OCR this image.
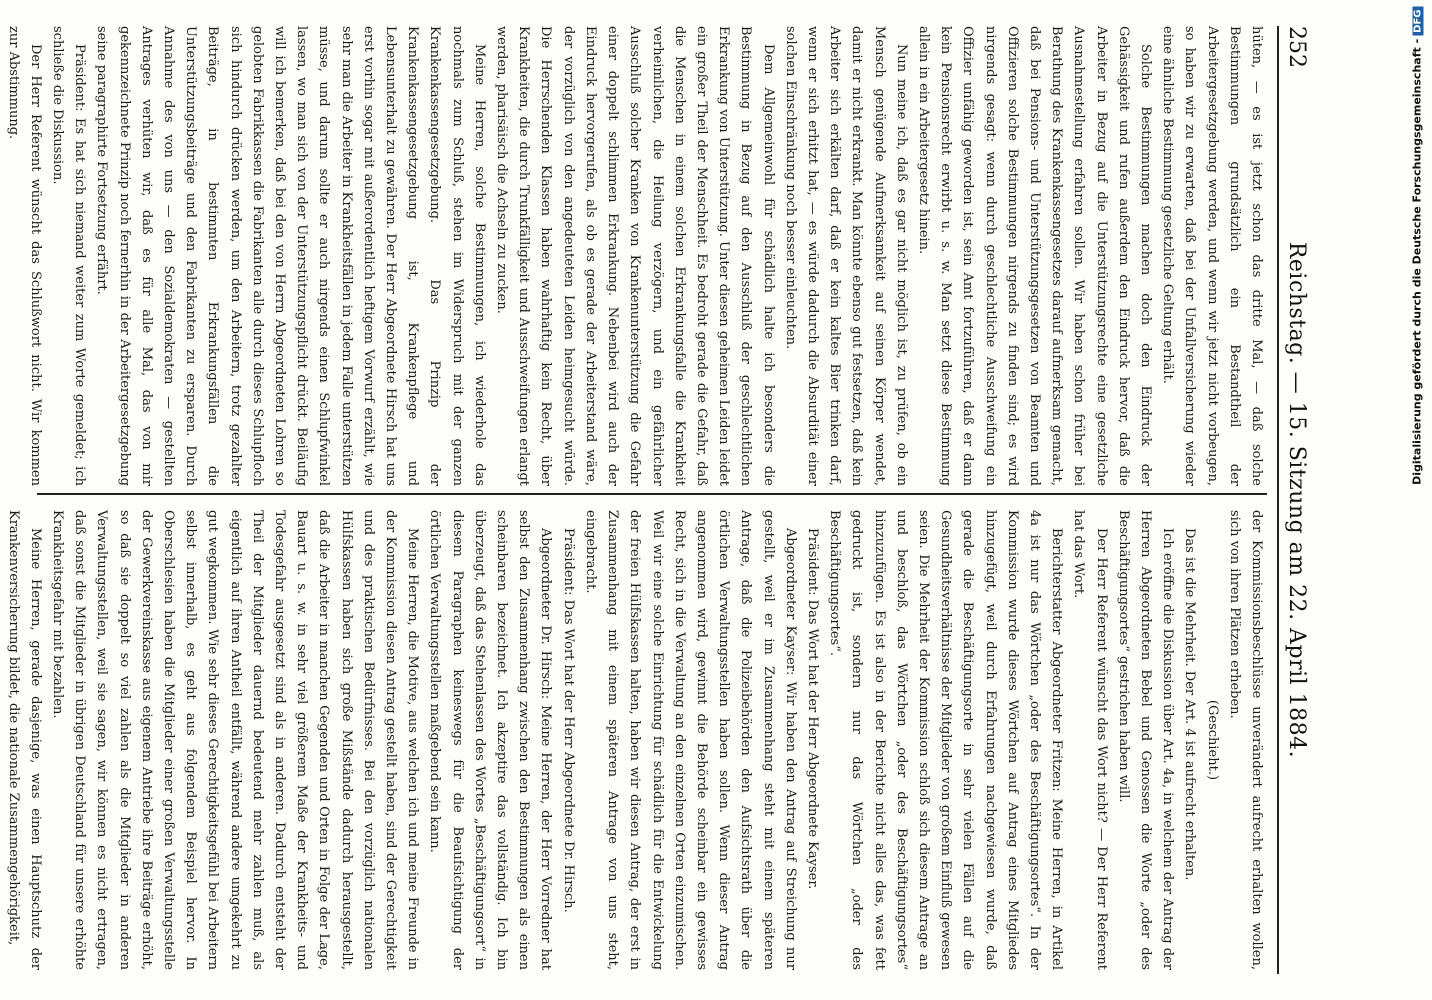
252
Reichstag. — 15. Sitzung am 22. April 1884.

hüten, — es ist jetzt schon das dritte Mal, — daß solche Bestimmungen grundsätzlich ein Bestandtheil der Arbeitergesetzgebung werden, und wenn wir jetzt nicht vorbeugen, so haben wir zu erwarten, daß bei der Unfallversicherung wieder eine ähnliche Bestimmung gesetzliche Geltung erhält.

Solche Bestimmungen machen doch den Eindruck der Gehässigkeit und rufen außerdem den Eindruck hervor, daß die Arbeiter in Bezug auf die Unterstützungsrechte eine gesetzliche Ausnahmestellung erfahren sollen. Wir haben schon früher bei Berathung des Krankenkassengesetzes darauf aufmerksam gemacht, daß bei Pensions- und Unterstützungsgesetzen von Beamten und Offizieren solche Bestimmungen nirgends zu finden sind; es wird nirgends gesagt: wenn durch geschlechtliche Ausschweifung ein Offizier unfähig geworden ist, sein Amt fortzuführen, daß er dann kein Pensionsrecht erwirbt u. s. w. Man setzt diese Bestimmung allein in ein Arbeitergesetz hinein.

Nun meine ich, daß es gar nicht möglich ist, zu prüfen, ob ein Mensch genügende Aufmerksamkeit auf seinen Körper wendet, damit er nicht erkrankt. Man könnte ebenso gut festsetzen, daß kein Arbeiter sich erkälten darf, daß er kein kaltes Bier trinken darf, wenn er sich erhitzt hat, — es würde dadurch die Absurdität einer solchen Einschränkung noch besser einleuchten.

Dem Allgemeinwohl für schädlich halte ich besonders die Bestimmung in Bezug auf den Ausschluß der geschlechtlichen Erkrankung von Unterstützung. Unter diesen geheimen Leiden leidet ein großer Theil der Menschheit. Es bedroht gerade die Gefahr, daß die Menschen in einem solchen Erkrankungsfalle die Krankheit verheimlichen, die Heilung verzögern, und ein gefährlicher Ausschluß solcher Kranken von Krankenunterstützung die Gefahr einer doppelt schlimmen Erkrankung. Nebenbei wird auch der Eindruck hervorgerufen, als ob es gerade der Arbeiterstand wäre, der vorzüglich von den angedeuteten Leiden heimgesucht würde. Die Herrschenden Klassen haben wahrhaftig kein Recht, über Krankheiten, die durch Trunkfälligkeit und Ausschweifungen erlangt werden, pharisäisch die Achseln zu zucken.

Meine Herren, solche Bestimmungen, ich wiederhole das nochmals zum Schluß, stehen im Widerspruch mit der ganzen Krankenkassengesetzgebung. Das Prinzip der Krankenkassengesetzgebung ist, Krankenpflege und Lebensunterhalt zu gewähren. Der Herr Abgeordnete Hirsch hat uns erst vorhin sogar mit außerordentlich heftigem Vorwurf erzählt, wie sehr man die Arbeiter in Krankheitsfällen in jedem Falle unterstützen müsse, und darum sollte er auch nirgends einen Schlupfwinkel lassen, wo man sich von der Unterstützungspflicht drückt. Beiläufig will ich bemerken, daß bei den von Herrn Abgeordneten Lohren so gelobten Fabrikkassen die Fabrikanten alle durch dieses Schlupfloch sich hindurch drücken werden, um den Arbeitern, trotz gezahlter Beiträge, in bestimmten Erkrankungsfällen die Unterstützungsbeiträge und den Fabrikanten zu ersparen. Durch Annahme des von uns — den Sozialdemokraten — gestellten Antrages verhüten wir, daß es für alle Mal, das von mir gekennzeichnete Prinzip noch fernerhin in der Arbeitergesetzgebung seine paragraphirte Fortsetzung erfährt.

Präsident: Es hat sich niemand weiter zum Worte gemeldet; ich schließe die Diskussion.

Der Herr Referent wünscht das Schlußwort nicht. Wir kommen zur Abstimmung.

der Kommissionsbeschlüsse unverändert aufrecht erhalten wollen, sich von ihren Plätzen erheben.

(Geschieht.)

Das ist die Mehrheit. Der Art. 4 ist aufrecht erhalten.

Ich eröffne die Diskussion über Art. 4a, in welchem der Antrag der Herren Abgeordneten Bebel und Genossen die Worte „oder des Beschäftigungsortes“ gestrichen haben will.

Der Herr Referent wünscht das Wort nicht? — Der Herr Referent hat das Wort.

Berichterstatter Abgeordneter Fritzen: Meine Herren, in Artikel 4a ist nur das Wörtchen „oder des Beschäftigungsortes“. In der Kommission wurde dieses Wörtchen auf Antrag eines Mitgliedes hinzugefügt, weil durch Erfahrungen nachgewiesen wurde, daß gerade die Beschäftigungsorte in sehr vielen Fällen auf die Gesundheitsverhältnisse der Mitglieder von großem Einfluß gewesen seien. Die Mehrheit der Kommission schloß sich diesem Antrage an und beschloß, das Wörtchen „oder des Beschäftigungsortes“ hinzuzufügen. Es ist also in der Berichte nicht alles das, was fett gedruckt ist, sondern nur das Wörtchen „oder des Beschäftigungsortes“.

Präsident: Das Wort hat der Herr Abgeordnete Kayser.

Abgeordneter Kayser: Wir haben den Antrag auf Streichung nur gestellt, weil er im Zusammenhang steht mit einem späteren Antrage, daß die Polizeibehörden den Aufsichtsrath über die örtlichen Verwaltungsstellen haben sollen. Wenn dieser Antrag angenommen wird, gewinnt die Behörde scheinbar ein gewisses Recht, sich in die Verwaltung an den einzelnen Orten einzumischen. Weil wir eine solche Einrichtung für schädlich für die Entwickelung der freien Hülfskassen halten, haben wir diesen Antrag, der erst in Zusammenhang mit einem späteren Antrage von uns steht, eingebracht.

Präsident: Das Wort hat der Herr Abgeordnete Dr. Hirsch.

Abgeordneter Dr. Hirsch: Meine Herren, der Herr Vorredner hat selbst den Zusammenhang zwischen den Bestimmungen als einen scheinbaren bezeichnet. Ich akzeptire das vollständig. Ich bin überzeugt, daß das Stehenlassen des Wortes „Beschäftigungsort“ in diesem Paragraphen keineswegs für die Beaufsichtigung der örtlichen Verwaltungsstellen maßgebend sein kann.

Meine Herren, die Motive, aus welchen ich und meine Freunde in der Kommission diesen Antrag gestellt haben, sind der Gerechtigkeit und des praktischen Bedürfnisses. Bei den vorzüglich nationalen Hülfskassen haben sich große Mißstände dadurch herausgestellt, daß die Arbeiter in manchen Gegenden und Orten in Folge der Lage, Bauart u. s. w. in sehr viel größerem Maße der Krankheits- und Todesgefahr ausgesetzt sind als in anderen. Dadurch entsteht der Theil der Mitglieder dauernd bedeutend mehr zahlen muß, als eigentlich auf ihren Antheil entfällt, während andere umgekehrt zu gut wegkommen. Wie sehr dieses Gerechtigkeitsgefühl bei Arbeitern selbst innerhalb, es geht aus folgendem Beispiel hervor. In Oberschlesien haben die Mitglieder einer großen Verwaltungsstelle der Gewerkvereinskasse aus eigenem Antriebe ihre Beiträge erhöht, so daß sie doppelt so viel zahlen als die Mitglieder in anderen Verwaltungsstellen, weil sie sagen, wir können es nicht ertragen, daß sonst die Mitglieder in übrigen Deutschland für unsere erhöhte Krankheitsgefahr mit bezahlen.

Meine Herren, gerade dasjenige, was einen Hauptschutz der Krankenversicherung bildet, die nationale Zusammengehörigkeit,

Digitalisierung gefördert durch die Deutsche Forschungsgemeinschaft -DFG
